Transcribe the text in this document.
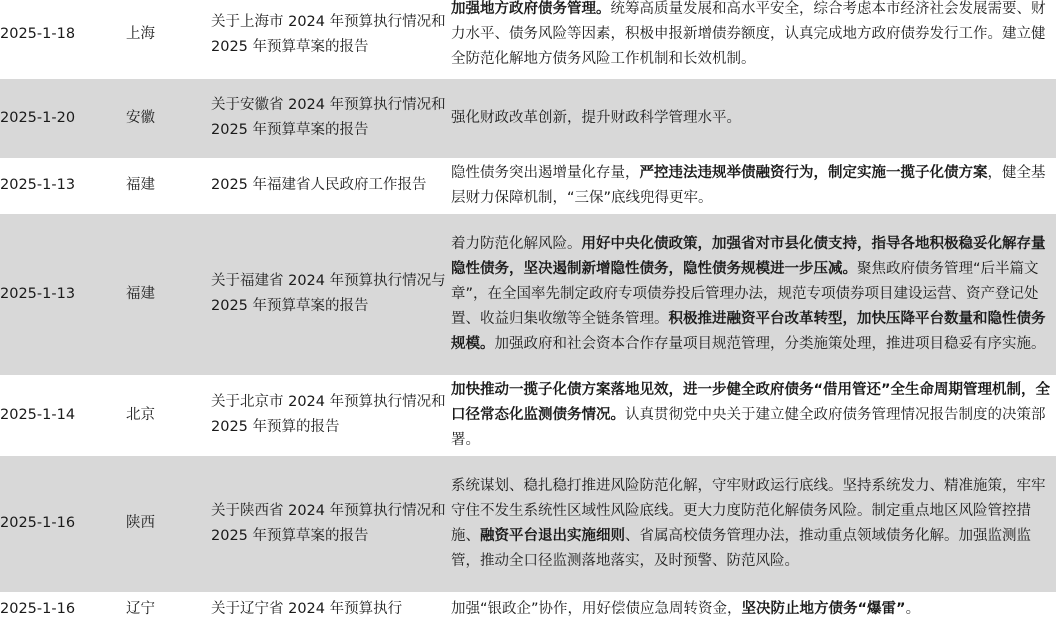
2025-1-18	上海	关于上海市 2024 年预算执行情况和 2025 年预算草案的报告	加强地方政府债务管理。统筹高质量发展和高水平安全，综合考虑本市经济社会发展需要、财力水平、债务风险等因素，积极申报新增债券额度，认真完成地方政府债券发行工作。建立健全防范化解地方债务风险工作机制和长效机制。
2025-1-20	安徽	关于安徽省 2024 年预算执行情况和 2025 年预算草案的报告	强化财政改革创新，提升财政科学管理水平。
2025-1-13	福建	2025 年福建省人民政府工作报告	隐性债务突出遏增量化存量，严控违法违规举债融资行为，制定实施一揽子化债方案，健全基层财力保障机制，“三保”底线兜得更牢。
2025-1-13	福建	关于福建省 2024 年预算执行情况与 2025 年预算草案的报告	着力防范化解风险。用好中央化债政策，加强省对市县化债支持，指导各地积极稳妥化解存量隐性债务，坚决遏制新增隐性债务，隐性债务规模进一步压减。聚焦政府债务管理“后半篇文章”，在全国率先制定政府专项债券投后管理办法，规范专项债券项目建设运营、资产登记处置、收益归集收缴等全链条管理。积极推进融资平台改革转型，加快压降平台数量和隐性债务规模。加强政府和社会资本合作存量项目规范管理，分类施策处理，推进项目稳妥有序实施。
2025-1-14	北京	关于北京市 2024 年预算执行情况和 2025 年预算的报告	加快推动一揽子化债方案落地见效，进一步健全政府债务“借用管还”全生命周期管理机制，全口径常态化监测债务情况。认真贯彻党中央关于建立健全政府债务管理情况报告制度的决策部署。
2025-1-16	陕西	关于陕西省 2024 年预算执行情况和 2025 年预算草案的报告	系统谋划、稳扎稳打推进风险防范化解，守牢财政运行底线。坚持系统发力、精准施策，牢牢守住不发生系统性区域性风险底线。更大力度防范化解债务风险。制定重点地区风险管控措施、融资平台退出实施细则、省属高校债务管理办法，推动重点领域债务化解。加强监测监管，推动全口径监测落地落实，及时预警、防范风险。
2025-1-16	辽宁	关于辽宁省 2024 年预算执行	加强“银政企”协作，用好偿债应急周转资金，坚决防止地方债务“爆雷”。
